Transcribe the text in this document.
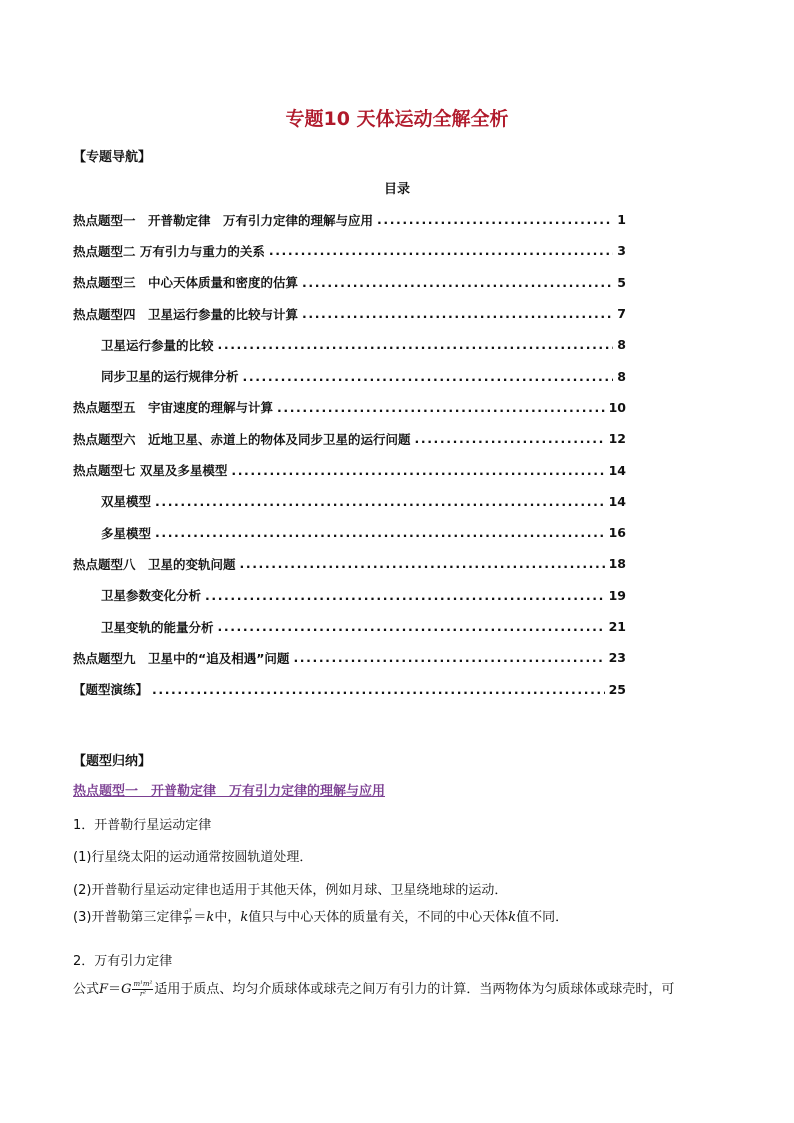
专题10 天体运动全解全析
【专题导航】
目录
热点题型一　开普勒定律　万有引力定律的理解与应用 .....	1
热点题型二 万有引力与重力的关系 .....	3
热点题型三　中心天体质量和密度的估算 .....	5
热点题型四　卫星运行参量的比较与计算 .....	7
卫星运行参量的比较 .....	8
同步卫星的运行规律分析 .....	8
热点题型五　宇宙速度的理解与计算 .....	10
热点题型六　近地卫星、赤道上的物体及同步卫星的运行问题 .....	12
热点题型七 双星及多星模型 .....	14
双星模型 .....	14
多星模型 .....	16
热点题型八　卫星的变轨问题 .....	18
卫星参数变化分析 .....	19
卫星变轨的能量分析 .....	21
热点题型九　卫星中的“追及相遇”问题 .....	23
【题型演练】 .....	25
【题型归纳】
热点题型一　开普勒定律　万有引力定律的理解与应用
1．开普勒行星运动定律
(1)行星绕太阳的运动通常按圆轨道处理．
(2)开普勒行星运动定律也适用于其他天体，例如月球、卫星绕地球的运动．
(3)开普勒第三定律 $\frac{\text{a³}}{\text{T²}} =k$中，k值只与中心天体的质量有关，不同的中心天体k值不同．
2．万有引力定律
公式$F=G \frac{\text{m¹m²}}{\text{r²}}$ 适用于质点、均匀介质球体或球壳之间万有引力的计算．当两物体为匀质球体或球壳时，可
